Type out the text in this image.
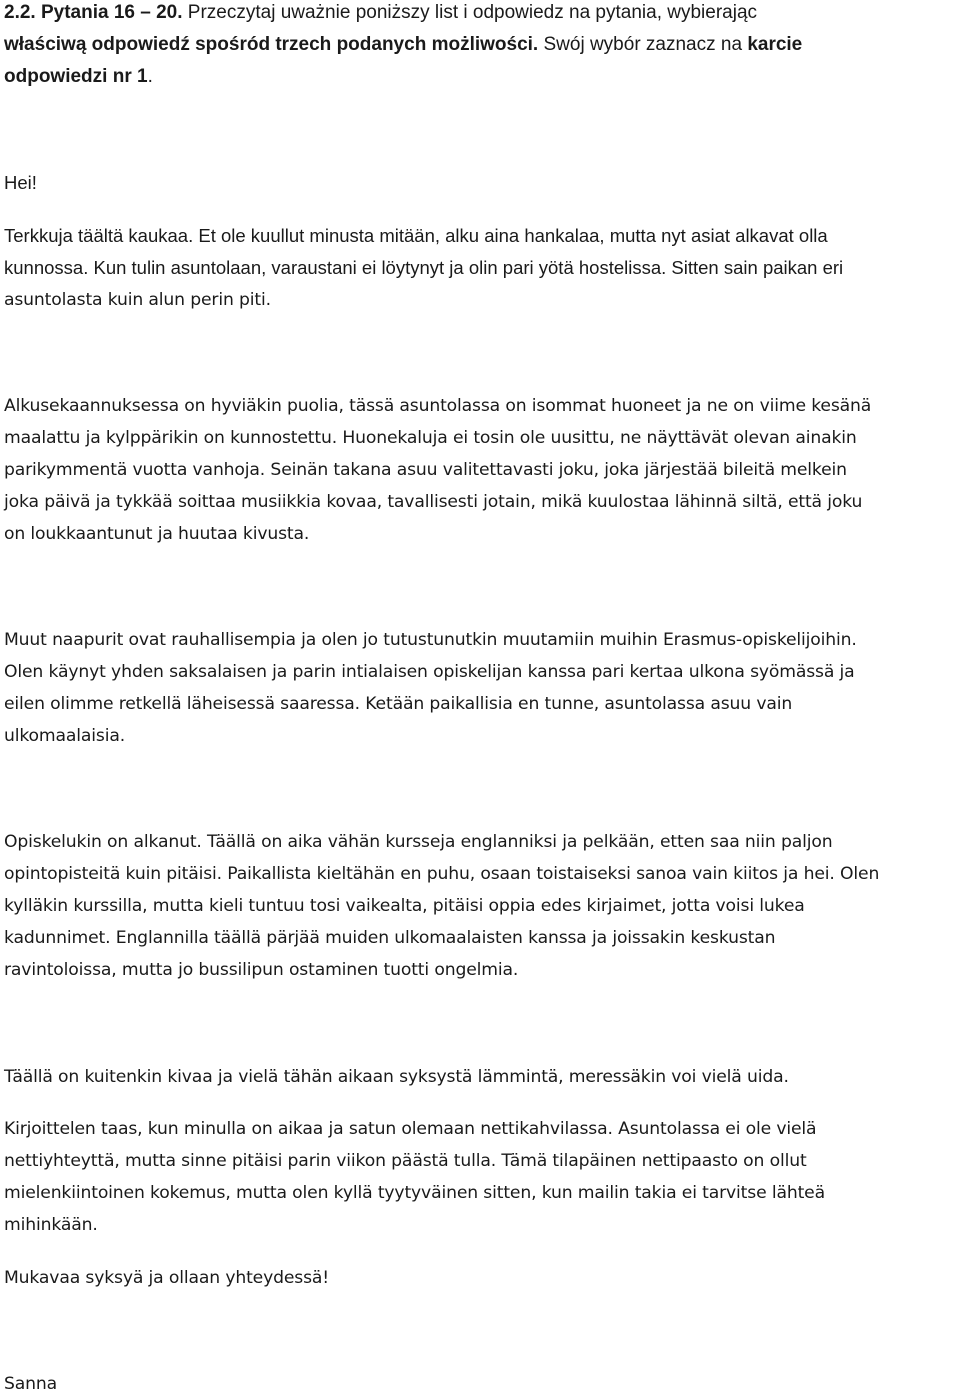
2.2. Pytania 16 – 20. Przeczytaj uważnie poniższy list i odpowiedz na pytania, wybierając
właściwą odpowiedź spośród trzech podanych możliwości. Swój wybór zaznacz na karcie
odpowiedzi nr 1.
Hei!
Terkkuja täältä kaukaa. Et ole kuullut minusta mitään, alku aina hankalaa, mutta nyt asiat alkavat olla
kunnossa. Kun tulin asuntolaan, varaustani ei löytynyt ja olin pari yötä hostelissa. Sitten sain paikan eri
asuntolasta kuin alun perin piti.
Alkusekaannuksessa on hyviäkin puolia, tässä asuntolassa on isommat huoneet ja ne on viime kesänä
maalattu ja kylppärikin on kunnostettu. Huonekaluja ei tosin ole uusittu, ne näyttävät olevan ainakin
parikymmentä vuotta vanhoja. Seinän takana asuu valitettavasti joku, joka järjestää bileitä melkein
joka päivä ja tykkää soittaa musiikkia kovaa, tavallisesti jotain, mikä kuulostaa lähinnä siltä, että joku
on loukkaantunut ja huutaa kivusta.
Muut naapurit ovat rauhallisempia ja olen jo tutustunutkin muutamiin muihin Erasmus-opiskelijoihin.
Olen käynyt yhden saksalaisen ja parin intialaisen opiskelijan kanssa pari kertaa ulkona syömässä ja
eilen olimme retkellä läheisessä saaressa. Ketään paikallisia en tunne, asuntolassa asuu vain
ulkomaalaisia.
Opiskelukin on alkanut. Täällä on aika vähän kursseja englanniksi ja pelkään, etten saa niin paljon
opintopisteitä kuin pitäisi. Paikallista kieltähän en puhu, osaan toistaiseksi sanoa vain kiitos ja hei. Olen
kylläkin kurssilla, mutta kieli tuntuu tosi vaikealta, pitäisi oppia edes kirjaimet, jotta voisi lukea
kadunnimet. Englannilla täällä pärjää muiden ulkomaalaisten kanssa ja joissakin keskustan
ravintoloissa, mutta jo bussilipun ostaminen tuotti ongelmia.
Täällä on kuitenkin kivaa ja vielä tähän aikaan syksystä lämmintä, meressäkin voi vielä uida.
Kirjoittelen taas, kun minulla on aikaa ja satun olemaan nettikahvilassa. Asuntolassa ei ole vielä
nettiyhteyttä, mutta sinne pitäisi parin viikon päästä tulla. Tämä tilapäinen nettipaasto on ollut
mielenkiintoinen kokemus, mutta olen kyllä tyytyväinen sitten, kun mailin takia ei tarvitse lähteä
mihinkään.
Mukavaa syksyä ja ollaan yhteydessä!
Sanna
